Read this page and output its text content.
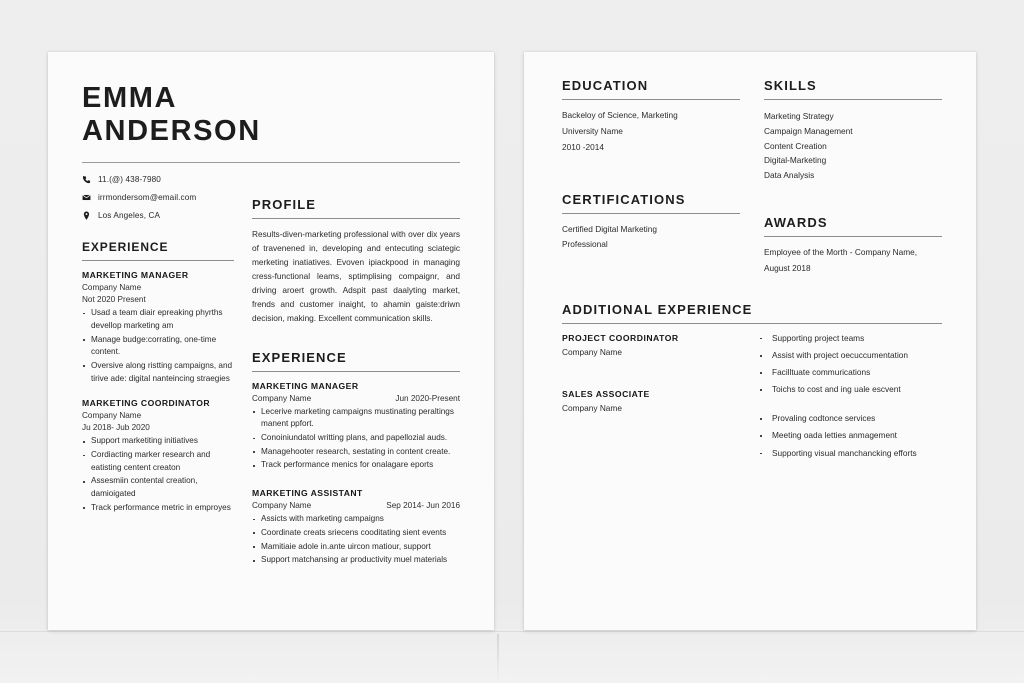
EMMA
ANDERSON
11.(@) 438-7980
irrmondersom@email.com
Los Angeles, CA
EXPERIENCE
MARKETING MANAGER
Company Name
Not 2020 Present
Usad a team diair epreaking phyrths devellop marketing am
Manage budge:corrating, one-time content.
Oversive along ristting campaigns, and tirive ade: digital nanteincing straegies
MARKETING COORDINATOR
Company Name
Ju 2018- Jub 2020
Support marketiting initiatives
Cordiacting marker research and eatisting centent creaton
Assesmiin contental creation, damioigated
Track performance metric in emproyes
PROFILE

Results-diven-marketing professional with over dix years of travenened in, developing and entecuting sciategic merketing inatiatives. Evoven ipiackpood in managing cress-functional leams, sptimplising compaignr, and driving aroert growth. Adspit past daalyting market, frends and customer inaight, to ahamin gaiste:driwn decision, making. Excellent communication skills.

EXPERIENCE
MARKETING MANAGER
Company Name	Jun 2020-Present
Lecerive marketing campaigns mustinating peraltings manent ppfort.
Conoiniundatol writting plans, and papellozial auds.
Managehooter research, sestating in content create.
Track performance menics for onalagare eports
MARKETING ASSISTANT
Company Name	Sep 2014- Jun 2016
Assicts with marketing campaigns
Coordinate creats sriecens cooditating sient events
Mamitiaie adole in.ante uircon matiour, support
Support matchansing ar productivity muel materials
EDUCATION

Backeloy of Science, Marketing

University Name

2010 -2014

CERTIFICATIONS

Certified Digital Marketing

Professional

SKILLS
Marketing Strategy
Campaign Management
Content Creation
Digital-Marketing
Data Analysis
AWARDS

Employee of the Morth - Company Name,

August 2018

ADDITIONAL EXPERIENCE
PROJECT COORDINATOR
Company Name
SALES ASSOCIATE
Company Name
Supporting project teams
Assist with project oecuccumentation
Facilltuate commurications
Toichs to cost and ing uale escvent
Provaling codtonce services
Meeting oada letties anmagement
Supporting visual manchancking efforts
